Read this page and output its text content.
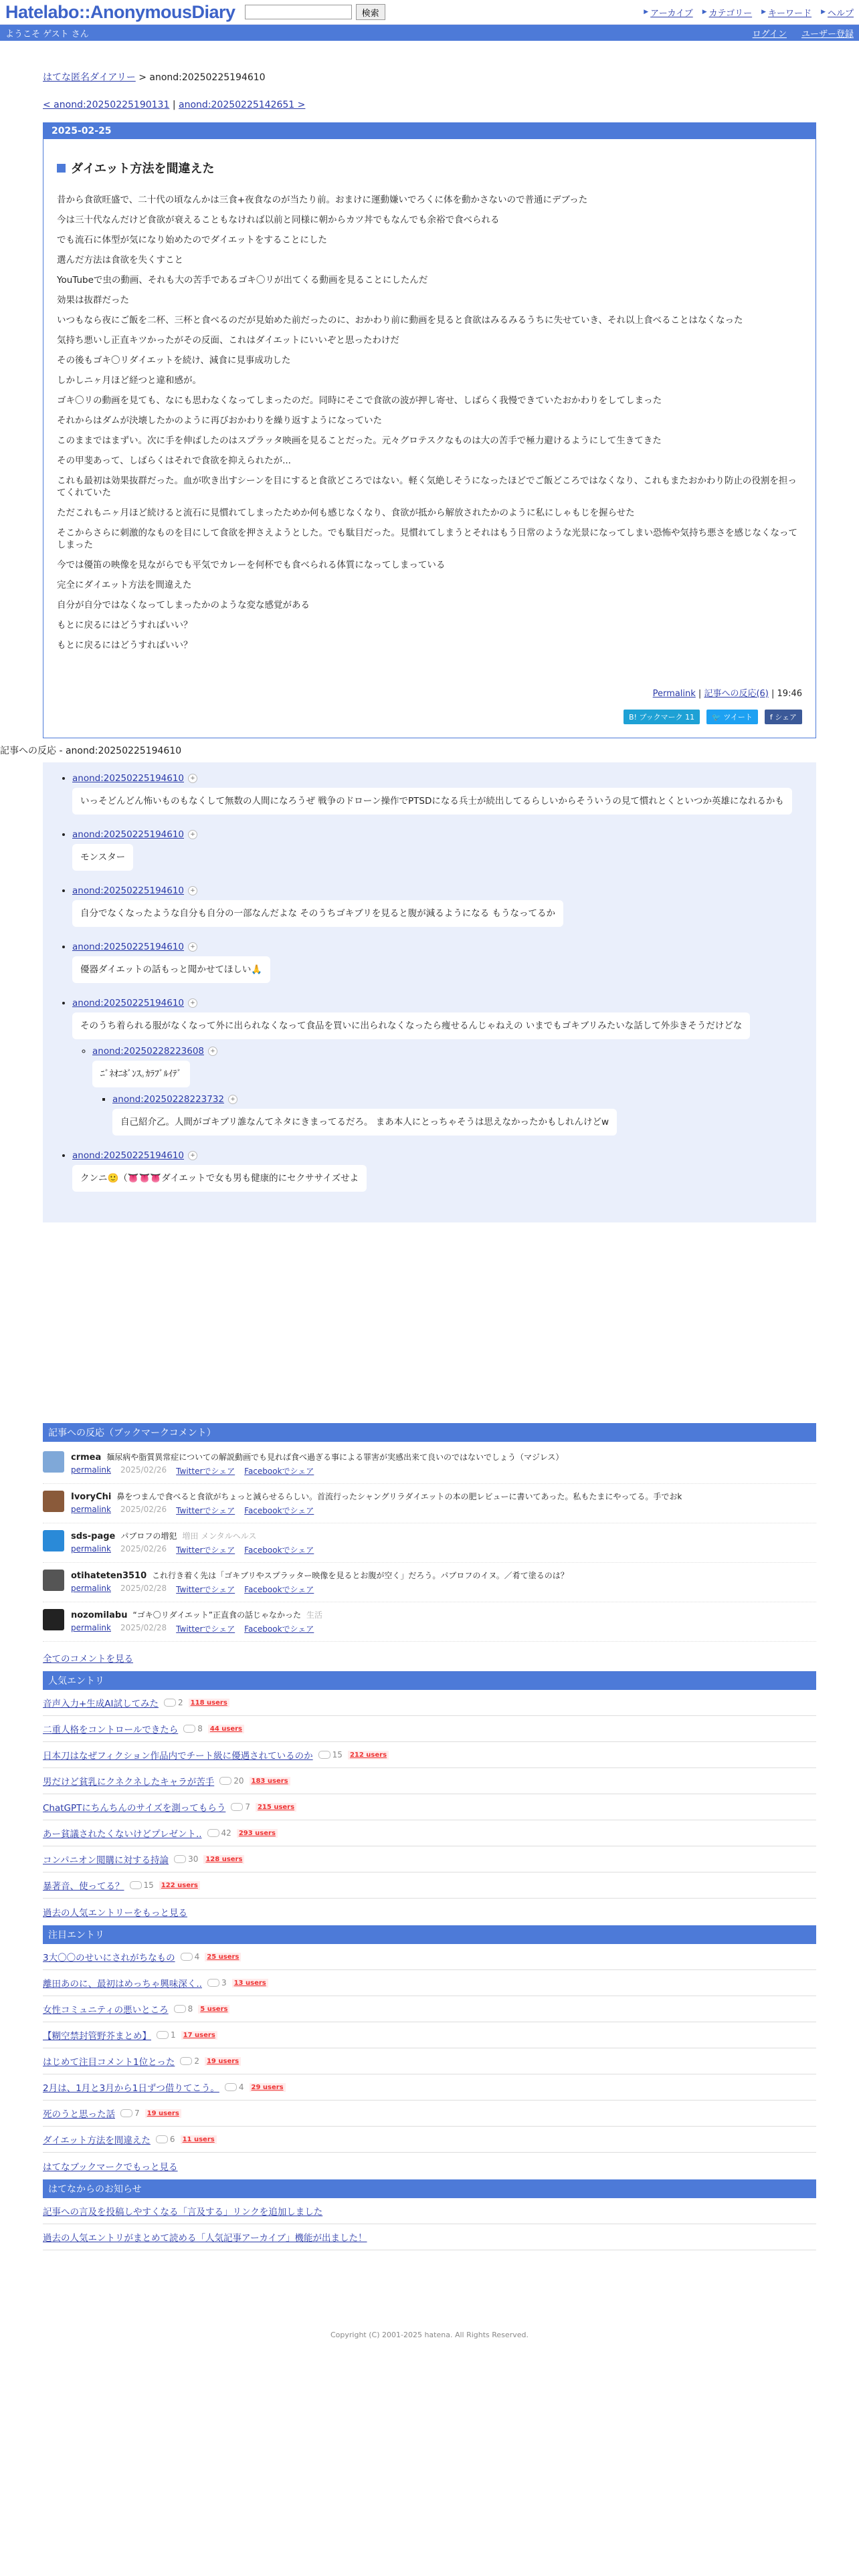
Hatelabo::AnonymousDiary	検索	▶ アーカイブ ▶ カテゴリー ▶ キーワード ▶ ヘルプ
ようこそ ゲスト さん	ログイン ユーザー登録
はてな匿名ダイアリー > anond:20250225194610
< anond:20250225190131 | anond:20250225142651 >
2025-02-25
ダイエット方法を間違えた
昔から食欲旺盛で、二十代の頃なんかは三食+夜食なのが当たり前。おまけに運動嫌いでろくに体を動かさないので普通にデブった
今は三十代なんだけど食欲が衰えることもなければ以前と同様に朝からカツ丼でもなんでも余裕で食べられる
でも流石に体型が気になり始めたのでダイエットをすることにした
選んだ方法は食欲を失くすこと
YouTubeで虫の動画、それも大の苦手であるゴキ〇リが出てくる動画を見ることにしたんだ
効果は抜群だった
いつもなら夜にご飯を二杯、三杯と食べるのだが見始めた前だったのに、おかわり前に動画を見ると食欲はみるみるうちに失せていき、それ以上食べることはなくなった
気持ち悪いし正直キツかったがその反面、これはダイエットにいいぞと思ったわけだ
その後もゴキ〇リダイエットを続け、減食に見事成功した
しかしニヶ月ほど経つと違和感が。
ゴキ〇リの動画を見ても、なにも思わなくなってしまったのだ。同時にそこで食欲の波が押し寄せ、しばらく我慢できていたおかわりをしてしまった
それからはダムが決壊したかのように再びおかわりを繰り返すようになっていた
このままではまずい。次に手を伸ばしたのはスプラッタ映画を見ることだった。元々グロテスクなものは大の苦手で極力避けるようにして生きてきた
その甲斐あって、しばらくはそれで食欲を抑えられたが...
これも最初は効果抜群だった。血が吹き出すシーンを目にすると食欲どころではない。軽く気絶しそうになったほどでご飯どころではなくなり、これもまたおかわり防止の役割を担ってくれていた
ただこれもニヶ月ほど続けると流石に見慣れてしまったためか何も感じなくなり、食欲が抵から解放されたかのように私にしゃもじを握らせた
そこからさらに刺激的なものを目にして食欲を押さえようとした。でも駄目だった。見慣れてしまうとそれはもう日常のような光景になってしまい恐怖や気持ち悪さを感じなくなってしまった
今では優笛の映像を見ながらでも平気でカレーを何杯でも食べられる体質になってしまっている
完全にダイエット方法を間違えた
自分が自分ではなくなってしまったかのような変な感覚がある
もとに戻るにはどうすればいい？
もとに戻るにはどうすればいい？
Permalink | 記事への反応(6) | 19:46
B! ブックマーク 11	🐦 ツイート	f シェア
記事への反応 - anond:20250225194610
• anond:20250225194610 +
いっそどんどん怖いものもなくして無数の人間になろうぜ 戦争のドローン操作でPTSDになる兵士が続出してるらしいからそういうの見て慣れとくといつか英雄になれるかも
• anond:20250225194610 +
モンスター
• anond:20250225194610 +
自分でなくなったような自分も自分の一部なんだよな そのうちゴキブリを見ると腹が減るようになる もうなってるか
• anond:20250225194610 +
優器ダイエットの話もっと聞かせてほしい🙏
• anond:20250225194610 +
そのうち着られる服がなくなって外に出られなくなって食品を買いに出られなくなったら痩せるんじゃねえの いまでもゴキブリみたいな話して外歩きそうだけどな
◦ anond:20250228223608 +
ﾆﾞﾈｵﾆﾎﾞﾝｽ｡ｶﾗﾌﾞﾙｲﾃﾞ
▪ anond:20250228223732 +
自己紹介乙。人間がゴキブリ誰なんてネタにきまってるだろ。 まあ本人にとっちゃそうは思えなかったかもしれんけどw
• anond:20250225194610 +
クンニ🙂（👅👅👅ダイエットで女も男も健康的にセクササイズせよ
記事への反応（ブックマークコメント）
crmea 麺尿病や脂質異常症についての解説動画でも見れば食べ過ぎる事による罪害が実感出来て良いのではないでしょう（マジレス）
permalink 2025/02/26 Twitterでシェア Facebookでシェア
IvoryChi 鼻をつまんで食べると食欲がちょっと減らせるらしい。首流行ったシャングリラダイエットの本の肥レビューに書いてあった。私もたまにやってる。手でおk
permalink 2025/02/26 Twitterでシェア Facebookでシェア
sds-page パブロフの増犯 増田 メンタルヘルス
permalink 2025/02/26 Twitterでシェア Facebookでシェア
otihateten3510 これ行き着く先は「ゴキブリやスプラッター映像を見るとお腹が空く」だろう。パブロフのイヌ。／肴て塗るのは？
permalink 2025/02/28 Twitterでシェア Facebookでシェア
nozomilabu “ゴキ〇リダイエット”正直食の話じゃなかった 生活
permalink 2025/02/28 Twitterでシェア Facebookでシェア
全てのコメントを見る
人気エントリ
音声入力+生成AI試してみた 2	118 users
二重人格をコントロールできたら 8	44 users
日本刀はなぜフィクション作品内でチート級に優遇されているのか 15	212 users
男だけど貧乳にクネクネしたキャラが苦手 20	183 users
ChatGPTにちんちんのサイズを測ってもらう 7	215 users
あー貧議されたくないけどプレゼント.. 42	293 users
コンパニオン閲購に対する持論 30	128 users
暴著音、使ってる？ 15	122 users
過去の人気エントリーをもっと見る
注目エントリ
3大〇〇のせいにされがちなもの 4	25 users
離田あのに、最初はめっちゃ興味深く.. 3	13 users
女性コミュニティの悪いところ 8	5 users
【糊空禁封管野芥まとめ】 1	17 users
はじめて注目コメント1位とった 2	19 users
2月は、1月と3月から1日ずつ借りてこう。 4	29 users
死のうと思った話 7	19 users
ダイエット方法を間違えた 6	11 users
はてなブックマークでもっと見る
はてなからのお知らせ
記事への言及を投稿しやすくなる「言及する」リンクを追加しました
過去の人気エントリがまとめて読める「人気記事アーカイブ」機能が出ました！
Copyright (C) 2001-2025 hatena. All Rights Reserved.
